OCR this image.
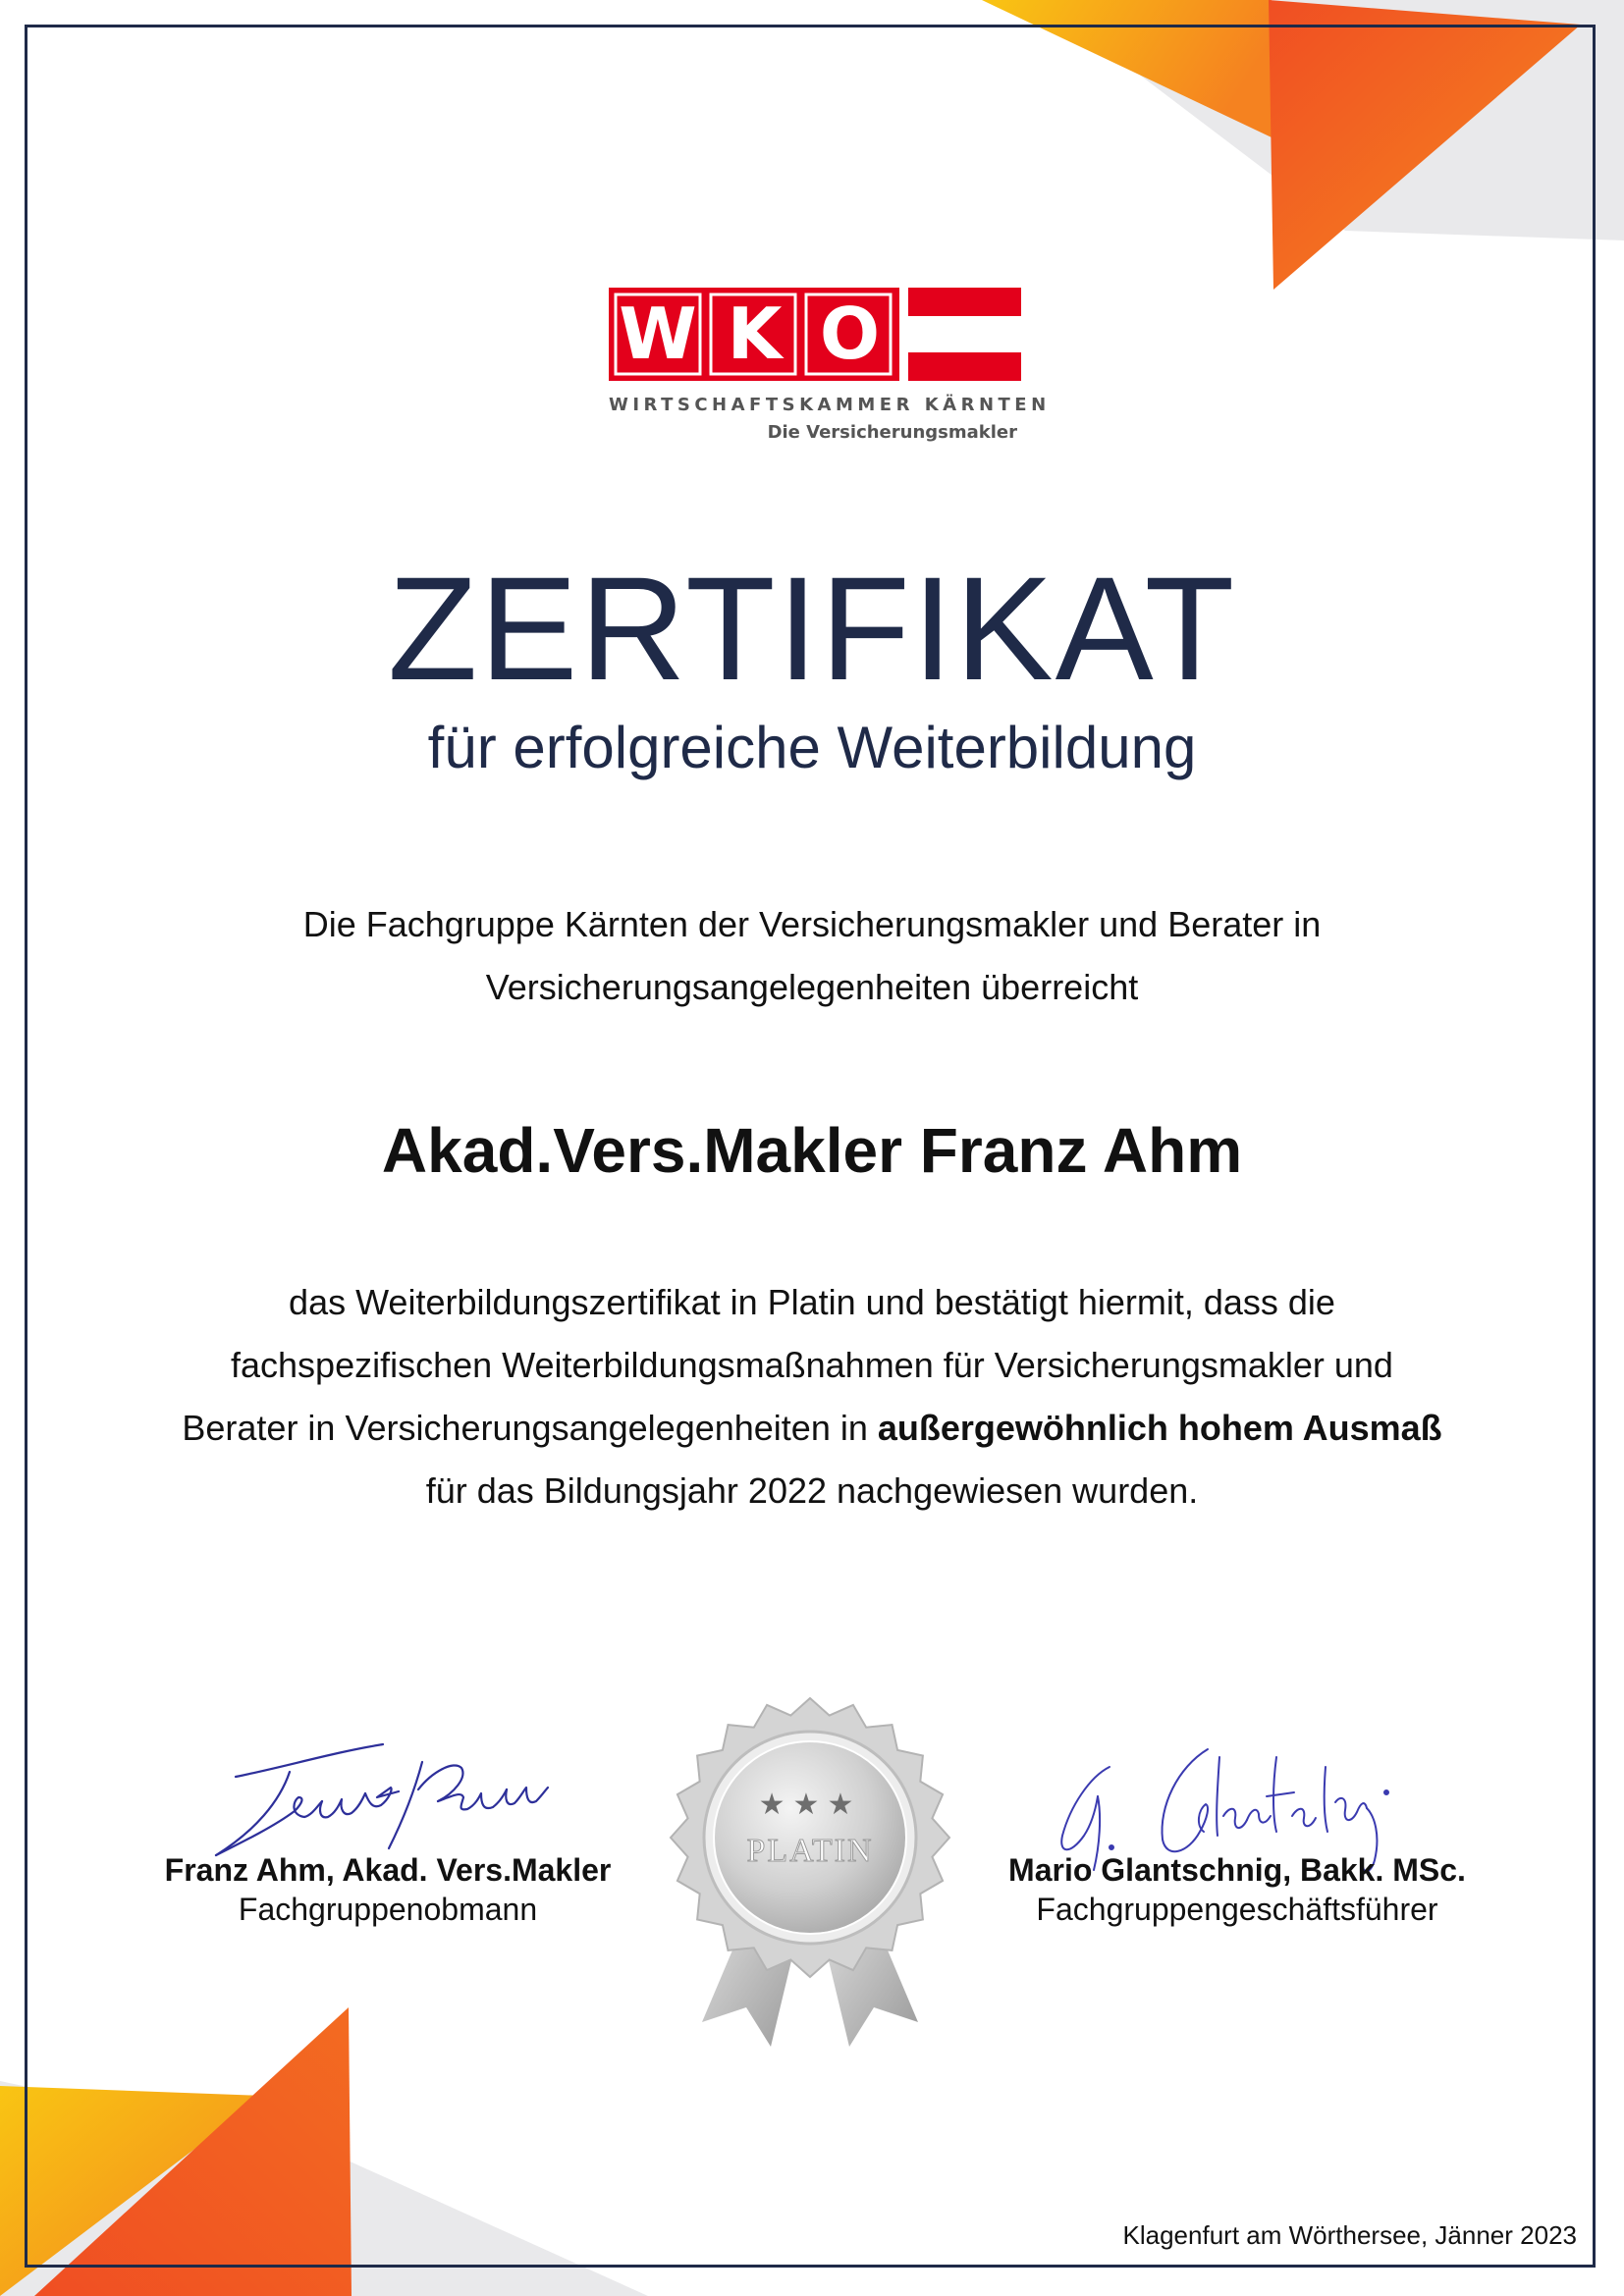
W K O
WIRTSCHAFTSKAMMER KÄRNTEN
Die Versicherungsmakler
ZERTIFIKAT
für erfolgreiche Weiterbildung
Die Fachgruppe Kärnten der Versicherungsmakler und Berater in
Versicherungsangelegenheiten überreicht
Akad.Vers.Makler Franz Ahm
das Weiterbildungszertifikat in Platin und bestätigt hiermit, dass die
fachspezifischen Weiterbildungsmaßnahmen für Versicherungsmakler und
Berater in Versicherungsangelegenheiten in außergewöhnlich hohem Ausmaß
für das Bildungsjahr 2022 nachgewiesen wurden.
Franz Ahm, Akad. Vers.Makler
Fachgruppenobmann
★★★
PLATIN
Mario Glantschnig, Bakk. MSc.
Fachgruppengeschäftsführer
Klagenfurt am Wörthersee, Jänner 2023
